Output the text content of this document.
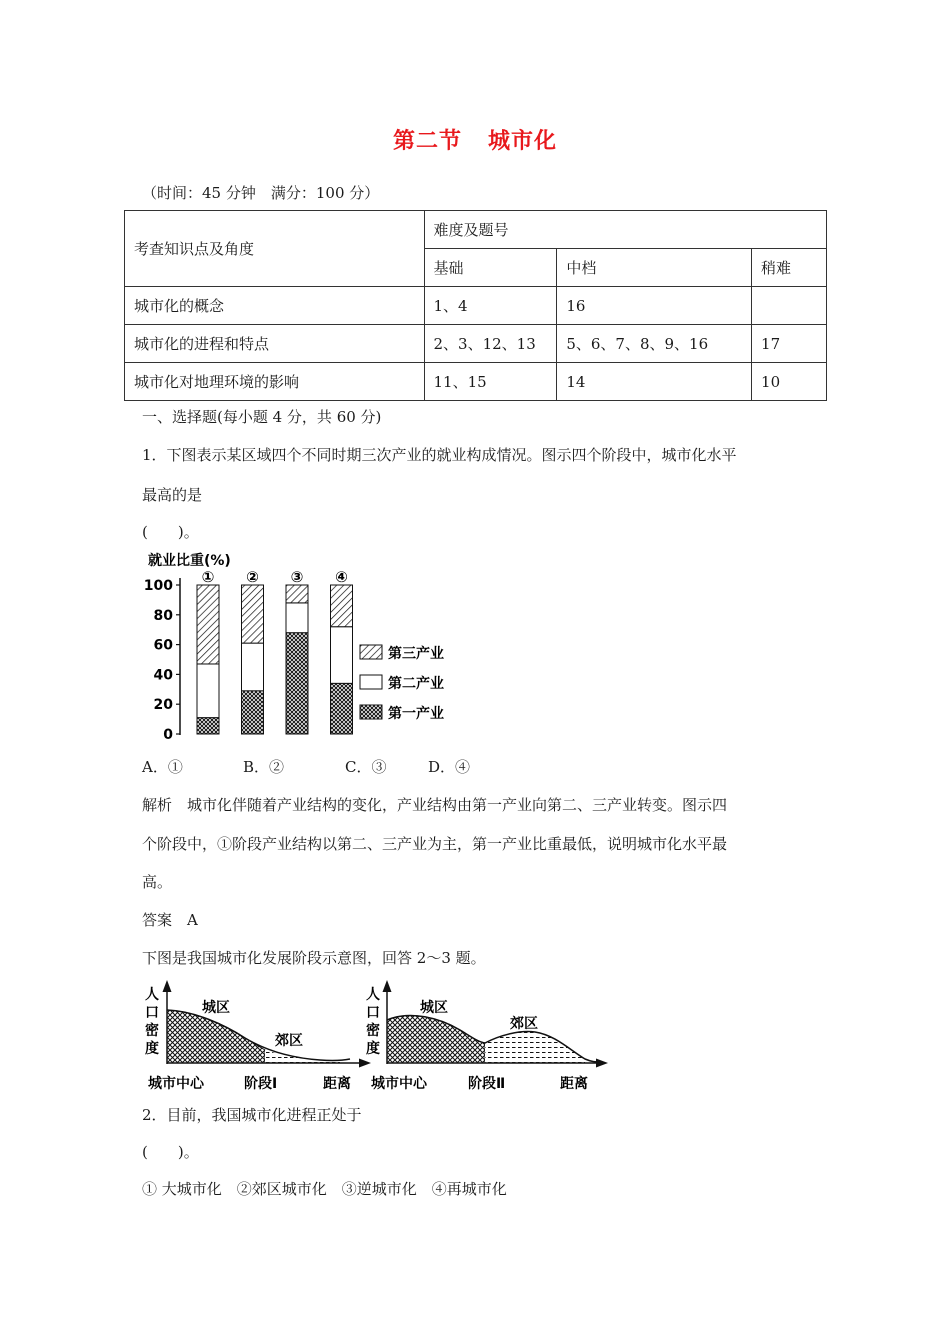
第二节 城市化
（时间：45 分钟　满分：100 分）
考查知识点及角度	难度及题号		
	基础	中档	稍难
城市化的概念	1、4	16	
城市化的进程和特点	2、3、12、13	5、6、7、8、9、16	17
城市化对地理环境的影响	11、15	14	10
一、选择题(每小题 4 分，共 60 分)
1．下图表示某区域四个不同时期三次产业的就业构成情况。图示四个阶段中，城市化水平
最高的是
(　　)。
就业比重(%)
0
20
40
60
80
100 ① ② ③ ④
第三产业
第二产业
第一产业
A．①	B．②	C．③	D．④
解析　城市化伴随着产业结构的变化，产业结构由第一产业向第二、三产业转变。图示四
个阶段中，①阶段产业结构以第二、三产业为主，第一产业比重最低，说明城市化水平最
高。
答案　A
下图是我国城市化发展阶段示意图，回答 2～3 题。
人
口
密
度
城区
郊区
城市中心	阶段Ⅰ	距离
人
口
密
度
城区
郊区
城市中心	阶段Ⅱ	距离
2．目前，我国城市化进程正处于
(　　)。
① 大城市化　②郊区城市化　③逆城市化　④再城市化
